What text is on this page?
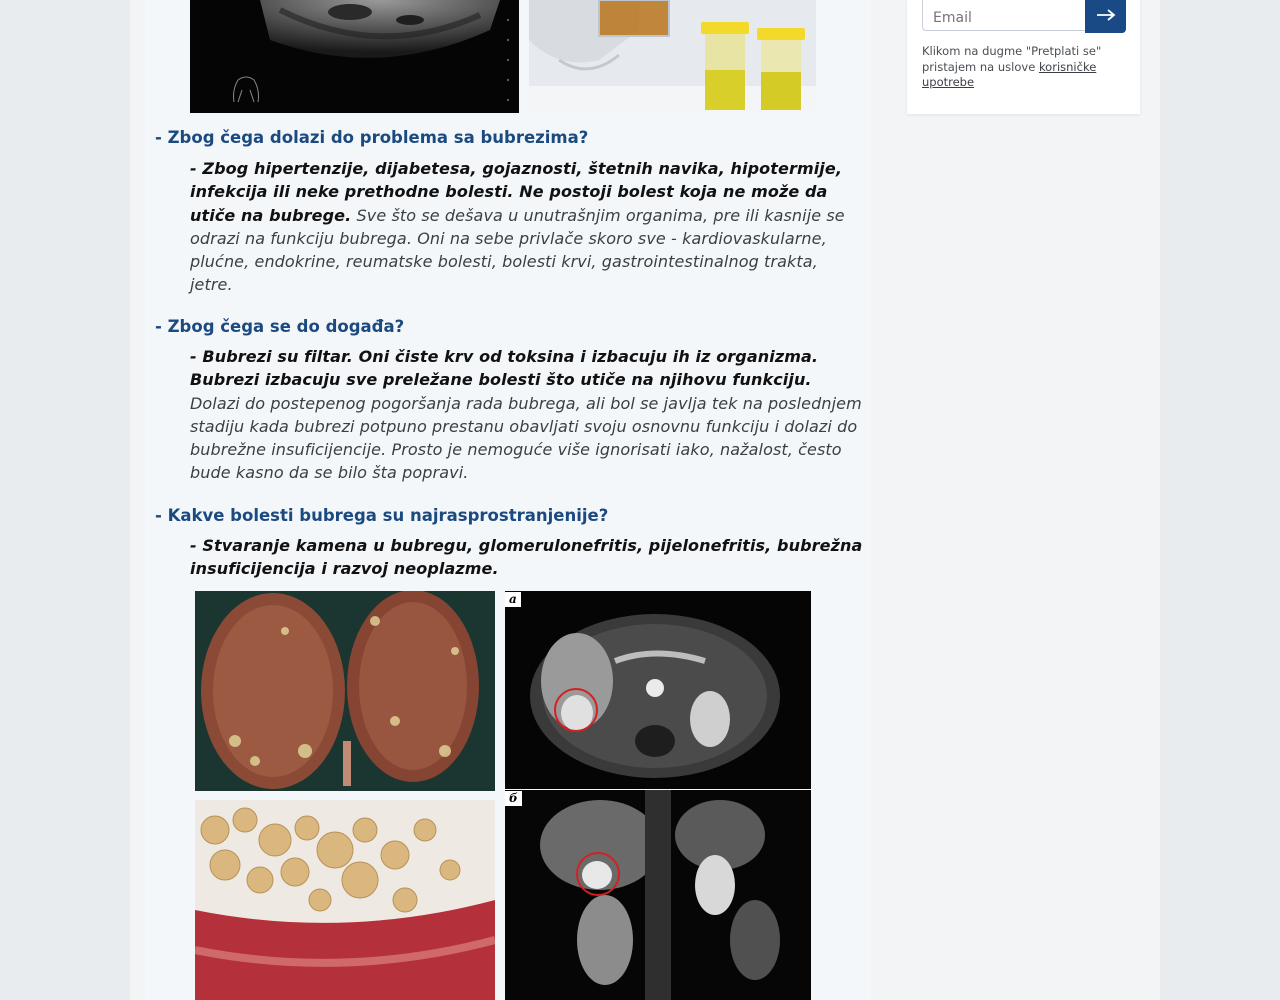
- Zbog čega dolazi do problema sa bubrezima?

- Zbog hipertenzije, dijabetesa, gojaznosti, štetnih navika, hipotermije, infekcija ili neke prethodne bolesti. Ne postoji bolest koja ne može da utiče na bubrege. Sve što se dešava u unutrašnjim organima, pre ili kasnije se odrazi na funkciju bubrega. Oni na sebe privlače skoro sve - kardiovaskularne, plućne, endokrine, reumatske bolesti, bolesti krvi, gastrointestinalnog trakta, jetre.

- Zbog čega se do događa?

- Bubrezi su filtar. Oni čiste krv od toksina i izbacuju ih iz organizma. Bubrezi izbacuju sve preležane bolesti što utiče na njihovu funkciju. Dolazi do postepenog pogoršanja rada bubrega, ali bol se javlja tek na poslednjem stadiju kada bubrezi potpuno prestanu obavljati svoju osnovnu funkciju i dolazi do bubrežne insuficijencije. Prosto je nemoguće više ignorisati iako, nažalost, često bude kasno da se bilo šta popravi.

- Kakve bolesti bubrega su najrasprostranjenije?

- Stvaranje kamena u bubregu, glomerulonefritis, pijelonefritis, bubrežna insuficijencija i razvoj neoplazme.

а
б
Email

Klikom na dugme "Pretplati se" pristajem na uslove korisničke upotrebe
